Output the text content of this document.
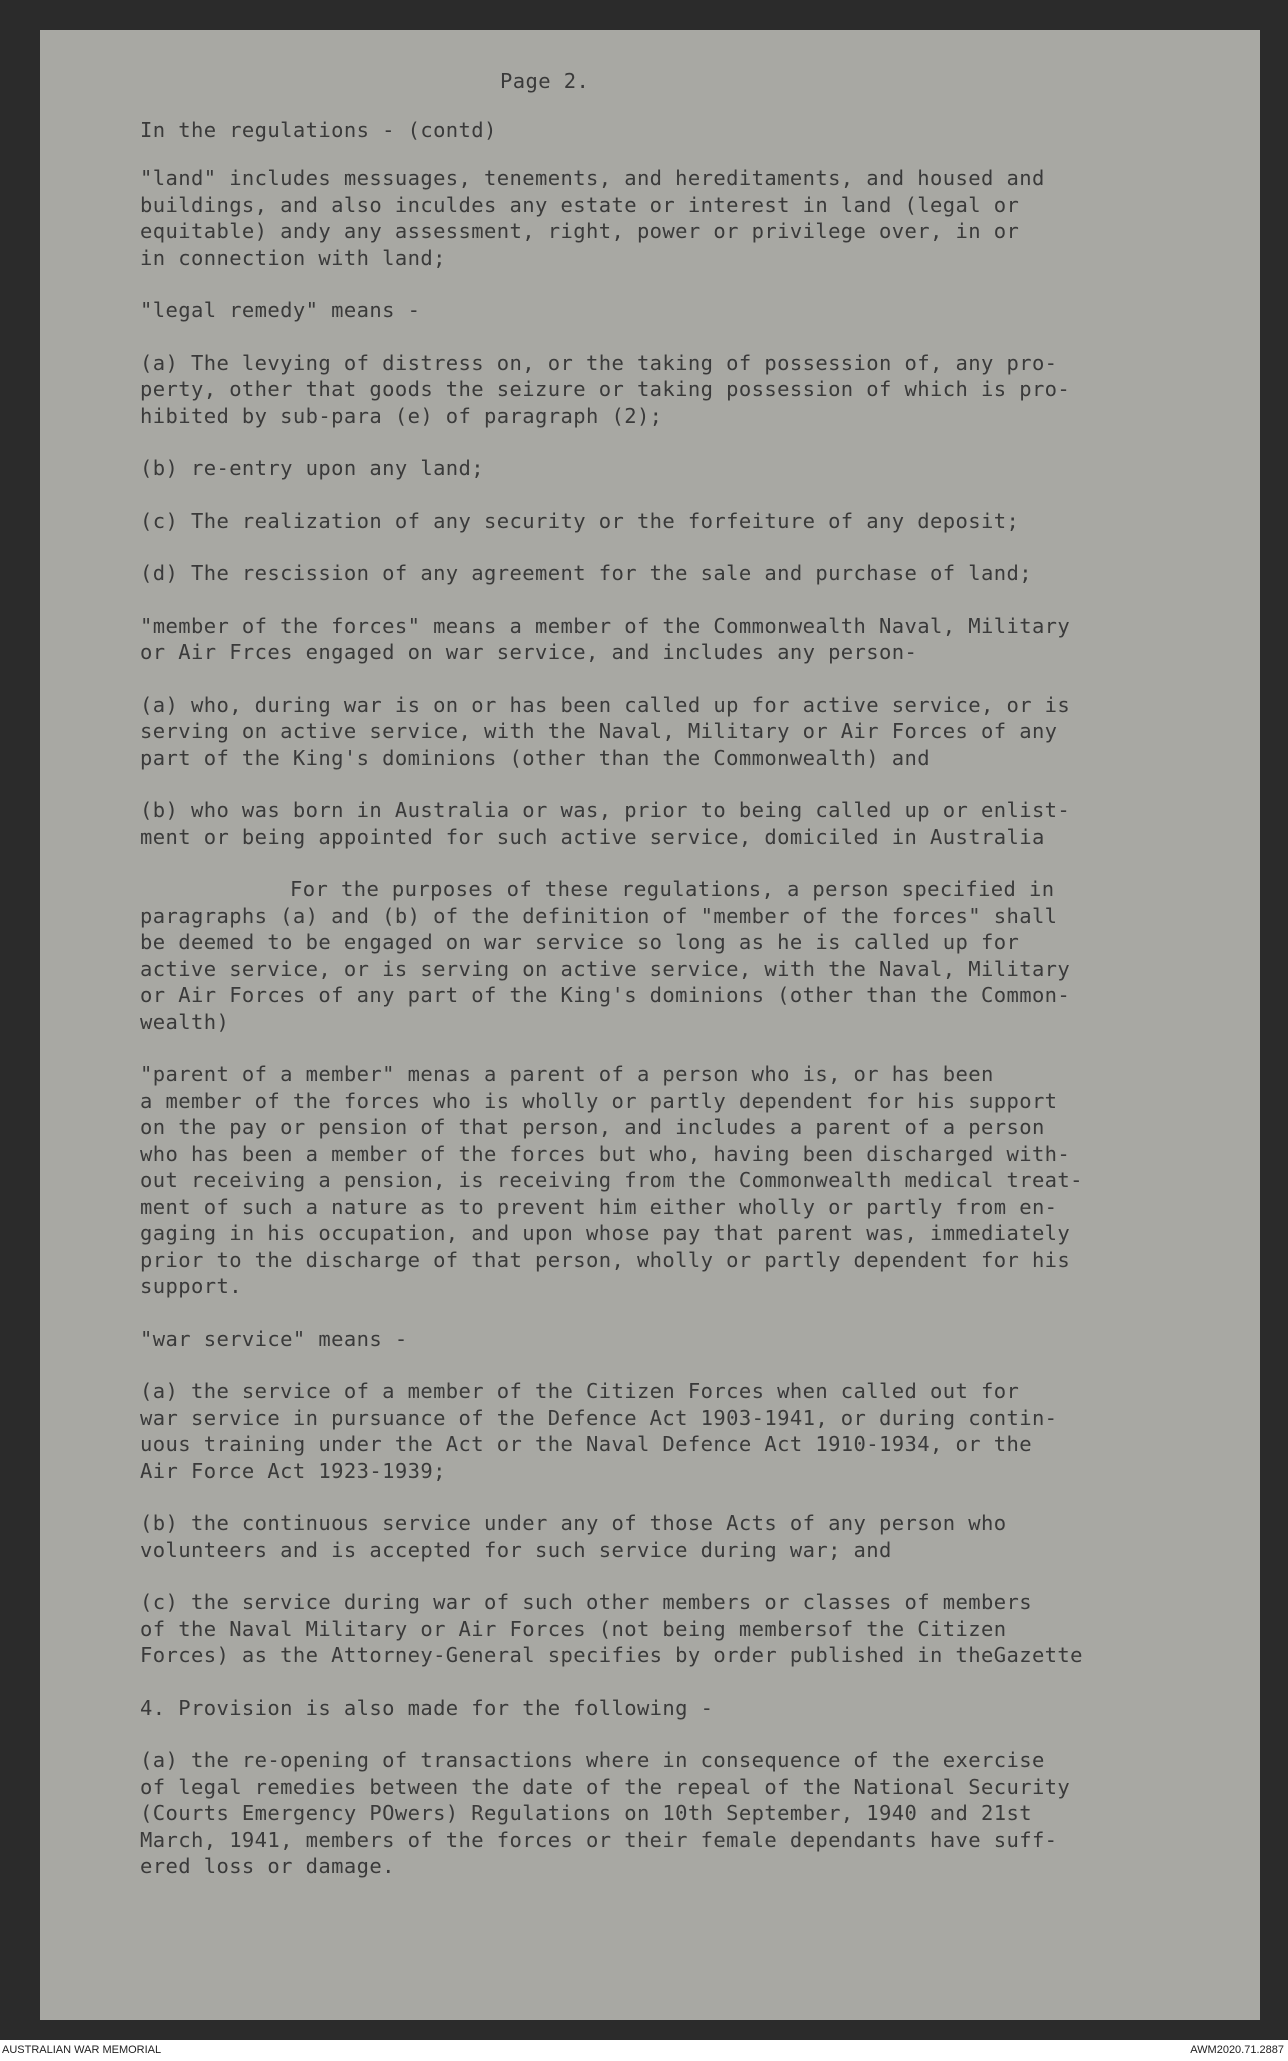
Page 2.

In the regulations - (contd)

"land" includes messuages, tenements, and hereditaments, and housed and
buildings, and also inculdes any estate or interest in land (legal or
equitable) andy any assessment, right, power or privilege over, in or
in connection with land;

"legal remedy" means -

(a) The levying of distress on, or the taking of possession of, any pro-
perty, other that goods the seizure or taking possession of which is pro-
hibited by sub-para (e) of paragraph (2);

(b) re-entry upon any land;

(c) The realization of any security or the forfeiture of any deposit;

(d) The rescission of any agreement for the sale and purchase of land;

"member of the forces" means a member of the Commonwealth Naval, Military
or Air Frces engaged on war service, and includes any person-

(a) who, during war is on or has been called up for active service, or is
serving on active service, with the Naval, Military or Air Forces of any
part of the King's dominions (other than the Commonwealth) and

(b) who was born in Australia or was, prior to being called up or enlist-
ment or being appointed for such active service, domiciled in Australia

For the purposes of these regulations, a person specified in
paragraphs (a) and (b) of the definition of "member of the forces" shall
be deemed to be engaged on war service so long as he is called up for
active service, or is serving on active service, with the Naval, Military
or Air Forces of any part of the King's dominions (other than the Common-
wealth)

"parent of a member" menas a parent of a person who is, or has been
a member of the forces who is wholly or partly dependent for his support
on the pay or pension of that person, and includes a parent of a person
who has been a member of the forces but who, having been discharged with-
out receiving a pension, is receiving from the Commonwealth medical treat-
ment of such a nature as to prevent him either wholly or partly from en-
gaging in his occupation, and upon whose pay that parent was, immediately
prior to the discharge of that person, wholly or partly dependent for his
support.

"war service" means -

(a) the service of a member of the Citizen Forces when called out for
war service in pursuance of the Defence Act 1903-1941, or during contin-
uous training under the Act or the Naval Defence Act 1910-1934, or the
Air Force Act 1923-1939;

(b) the continuous service under any of those Acts of any person who
volunteers and is accepted for such service during war; and

(c) the service during war of such other members or classes of members
of the Naval Military or Air Forces (not being membersof the Citizen
Forces) as the Attorney-General specifies by order published in theGazette

4. Provision is also made for the following -

(a) the re-opening of transactions where in consequence of the exercise
of legal remedies between the date of the repeal of the National Security
(Courts Emergency POwers) Regulations on 10th September, 1940 and 21st
March, 1941, members of the forces or their female dependants have suff-
ered loss or damage.

AUSTRALIAN WAR MEMORIAL	AWM2020.71.2887
